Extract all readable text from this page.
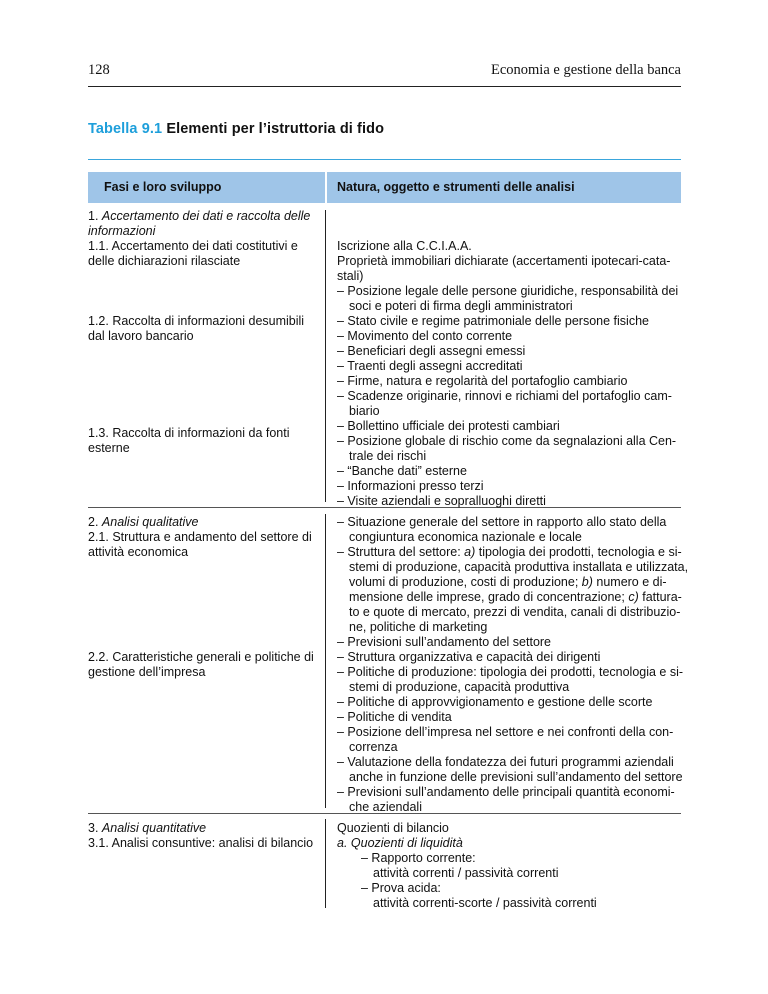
128	Economia e gestione della banca
Tabella 9.1 Elementi per l’istruttoria di fido
Fasi e loro sviluppo	Natura, oggetto e strumenti delle analisi
1. Accertamento dei dati e raccolta delle
informazioni
1.1. Accertamento dei dati costitutivi e
delle dichiarazioni rilasciate
1.2. Raccolta di informazioni desumibili
dal lavoro bancario
1.3. Raccolta di informazioni da fonti
esterne
Iscrizione alla C.C.I.A.A.
Proprietà immobiliari dichiarate (accertamenti ipotecari-cata-
stali)
– Posizione legale delle persone giuridiche, responsabilità dei
soci e poteri di firma degli amministratori
– Stato civile e regime patrimoniale delle persone fisiche
– Movimento del conto corrente
– Beneficiari degli assegni emessi
– Traenti degli assegni accreditati
– Firme, natura e regolarità del portafoglio cambiario
– Scadenze originarie, rinnovi e richiami del portafoglio cam-
biario
– Bollettino ufficiale dei protesti cambiari
– Posizione globale di rischio come da segnalazioni alla Cen-
trale dei rischi
– “Banche dati” esterne
– Informazioni presso terzi
– Visite aziendali e sopralluoghi diretti
2. Analisi qualitative
2.1. Struttura e andamento del settore di
attività economica
2.2. Caratteristiche generali e politiche di
gestione dell’impresa
– Situazione generale del settore in rapporto allo stato della
congiuntura economica nazionale e locale
– Struttura del settore: a) tipologia dei prodotti, tecnologia e si-
stemi di produzione, capacità produttiva installata e utilizzata,
volumi di produzione, costi di produzione; b) numero e di-
mensione delle imprese, grado di concentrazione; c) fattura-
to e quote di mercato, prezzi di vendita, canali di distribuzio-
ne, politiche di marketing
– Previsioni sull’andamento del settore
– Struttura organizzativa e capacità dei dirigenti
– Politiche di produzione: tipologia dei prodotti, tecnologia e si-
stemi di produzione, capacità produttiva
– Politiche di approvvigionamento e gestione delle scorte
– Politiche di vendita
– Posizione dell’impresa nel settore e nei confronti della con-
correnza
– Valutazione della fondatezza dei futuri programmi aziendali
anche in funzione delle previsioni sull’andamento del settore
– Previsioni sull’andamento delle principali quantità economi-
che aziendali
3. Analisi quantitative
3.1. Analisi consuntive: analisi di bilancio
Quozienti di bilancio
a. Quozienti di liquidità
– Rapporto corrente:
attività correnti / passività correnti
– Prova acida:
attività correnti-scorte / passività correnti
